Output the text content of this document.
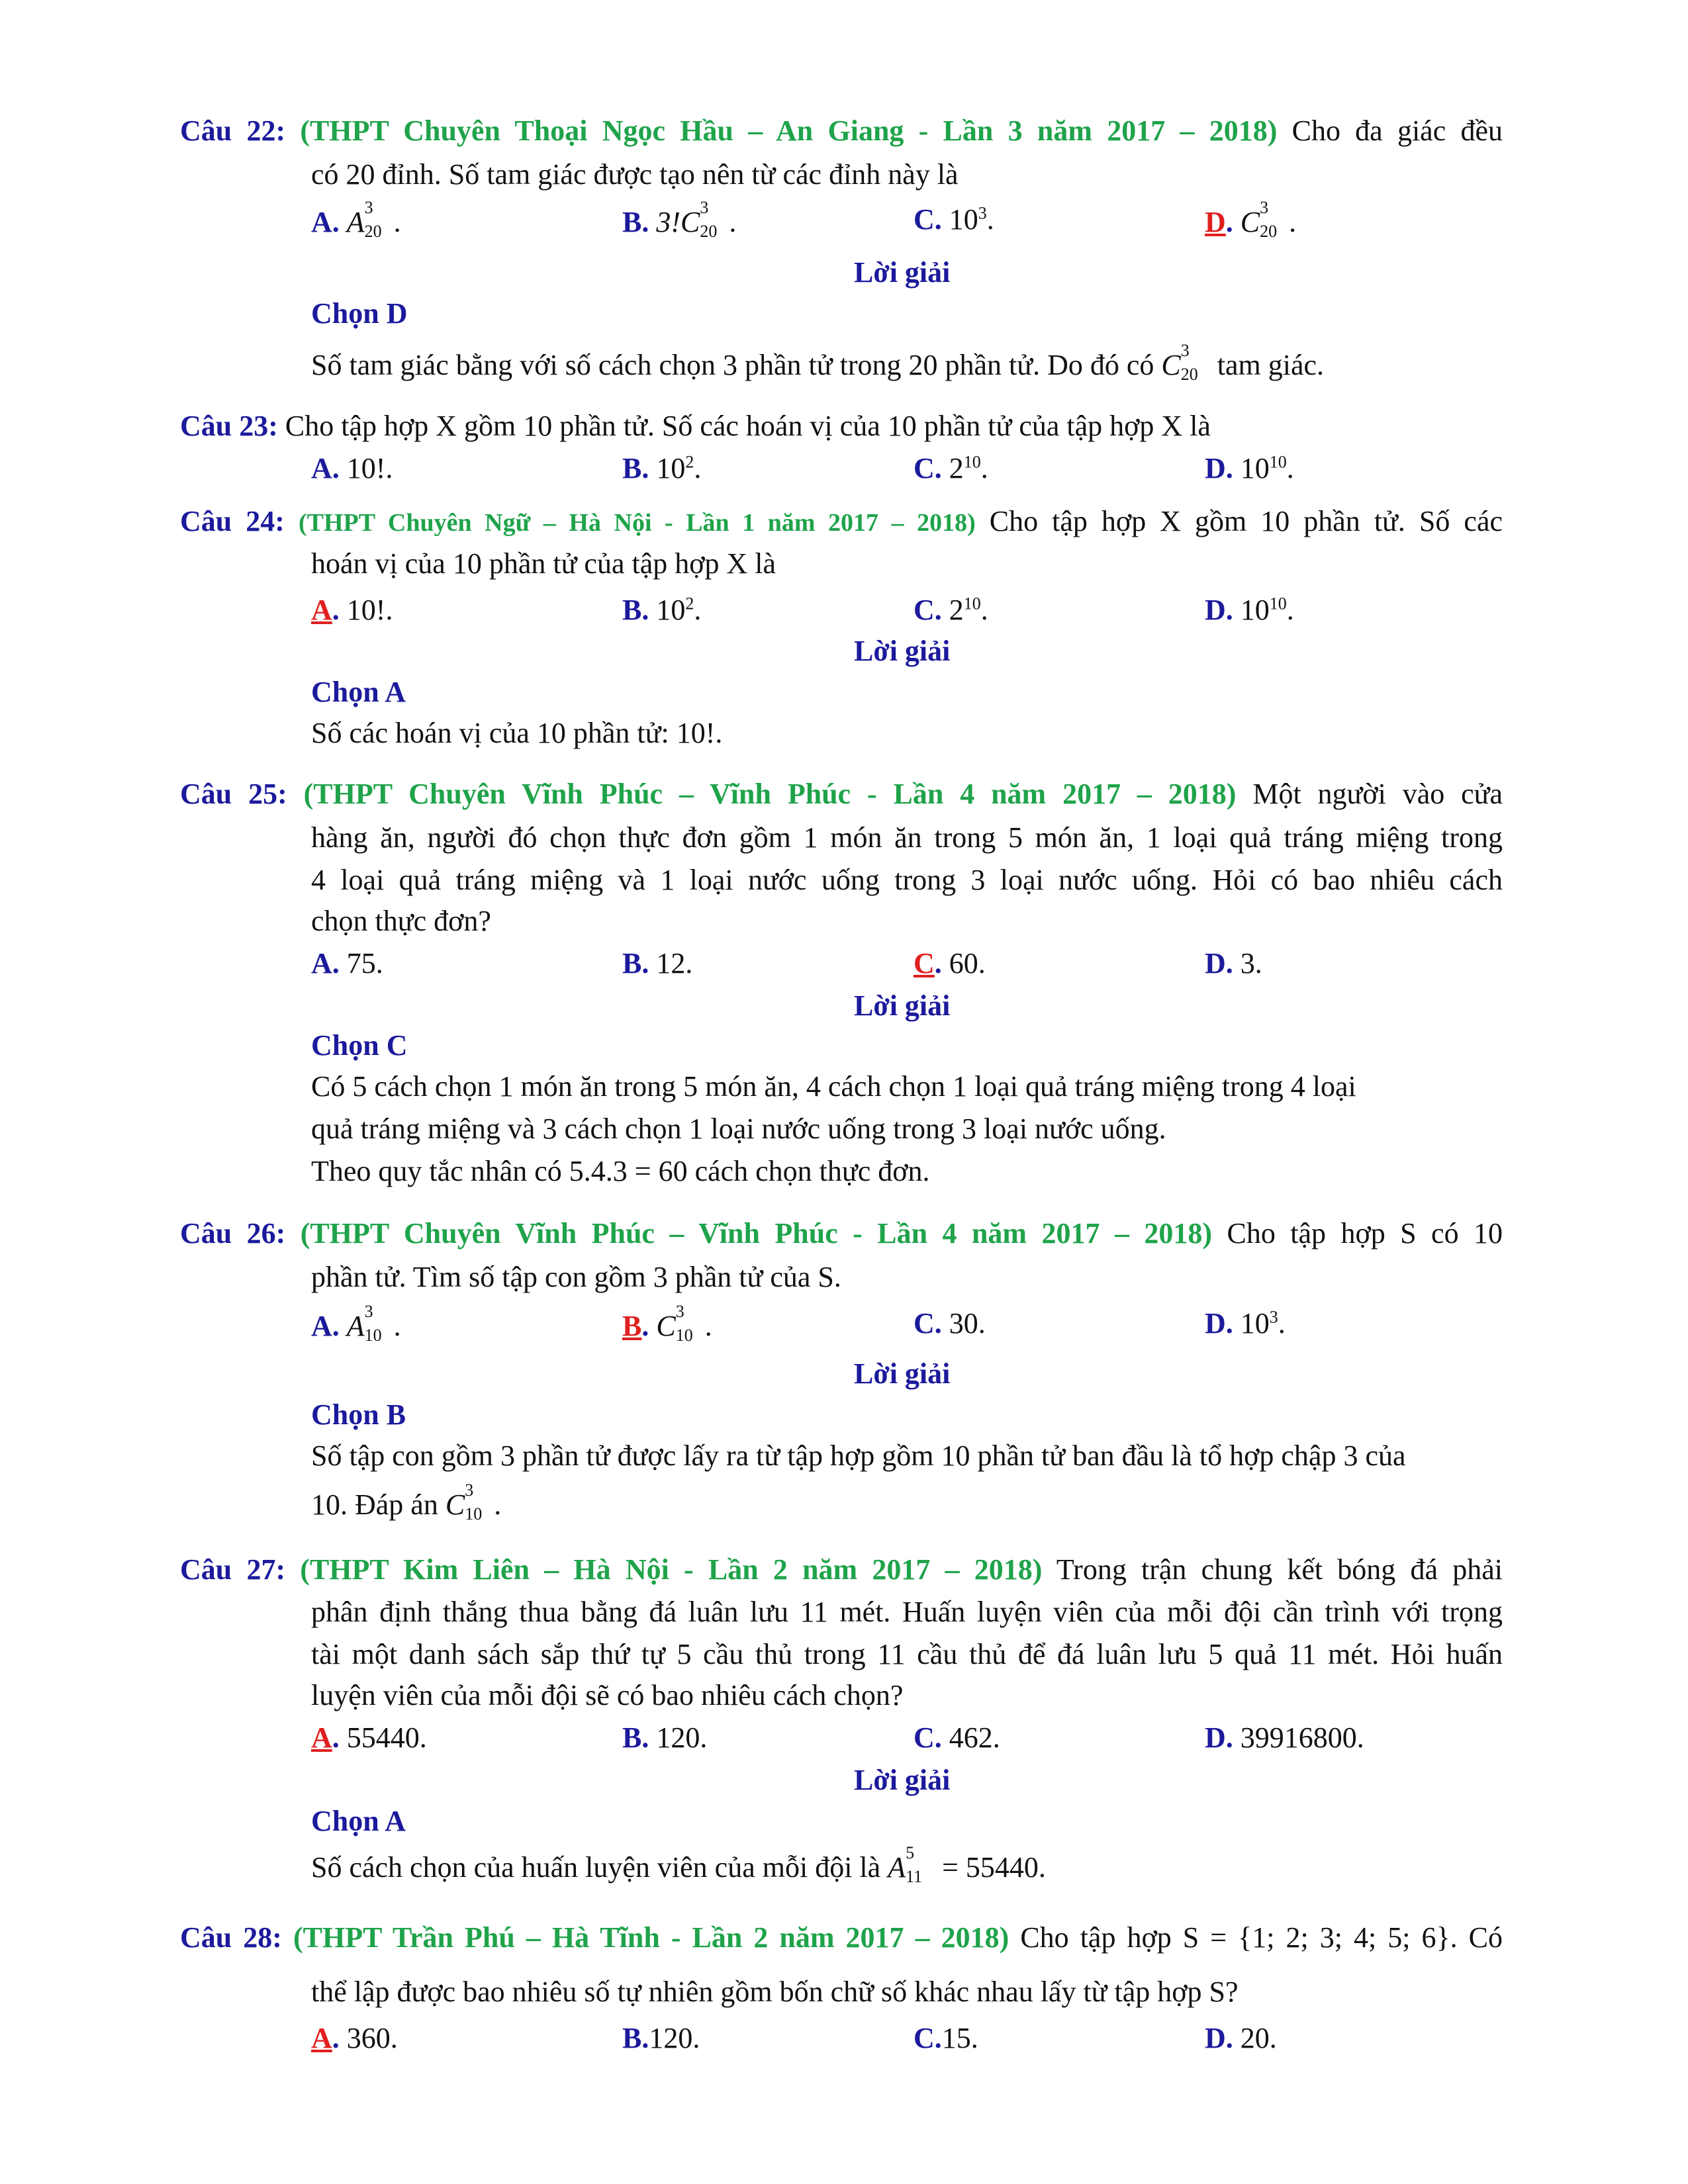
Câu 22: (THPT Chuyên Thoại Ngọc Hầu – An Giang - Lần 3 năm 2017 – 2018) Cho đa giác đều
có 20 đỉnh. Số tam giác được tạo nên từ các đỉnh này là
A. A 3
20 .	B. 3!C 3
20 .	C. $10^3$.	D. C 3
20 .
Lời giải
Chọn D
Số tam giác bằng với số cách chọn 3 phần tử trong 20 phần tử. Do đó có C 3
20 tam giác.
Câu 23: Cho tập hợp X gồm 10 phần tử. Số các hoán vị của 10 phần tử của tập hợp X là
A. 10!.	B. $10^2$.	C. $2^{10}$.	D. $10^{10}$.
Câu 24: (THPT Chuyên Ngữ – Hà Nội - Lần 1 năm 2017 – 2018) Cho tập hợp X gồm 10 phần tử. Số các
hoán vị của 10 phần tử của tập hợp X là
A. 10!.	B. $10^2$.	C. $2^{10}$.	D. $10^{10}$.
Lời giải
Chọn A
Số các hoán vị của 10 phần tử: 10!.
Câu 25: (THPT Chuyên Vĩnh Phúc – Vĩnh Phúc - Lần 4 năm 2017 – 2018) Một người vào cửa
hàng ăn, người đó chọn thực đơn gồm 1 món ăn trong 5 món ăn, 1 loại quả tráng miệng trong
4 loại quả tráng miệng và 1 loại nước uống trong 3 loại nước uống. Hỏi có bao nhiêu cách
chọn thực đơn?
A. 75.	B. 12.	C. 60.	D. 3.
Lời giải
Chọn C
Có 5 cách chọn 1 món ăn trong 5 món ăn, 4 cách chọn 1 loại quả tráng miệng trong 4 loại
quả tráng miệng và 3 cách chọn 1 loại nước uống trong 3 loại nước uống.
Theo quy tắc nhân có 5.4.3 = 60 cách chọn thực đơn.
Câu 26: (THPT Chuyên Vĩnh Phúc – Vĩnh Phúc - Lần 4 năm 2017 – 2018) Cho tập hợp S có 10
phần tử. Tìm số tập con gồm 3 phần tử của S.
A. A 3
10 .	B. C 3
10 .	C. 30.	D. $10^3$.
Lời giải
Chọn B
Số tập con gồm 3 phần tử được lấy ra từ tập hợp gồm 10 phần tử ban đầu là tổ hợp chập 3 của
10. Đáp án C 3
10 .
Câu 27: (THPT Kim Liên – Hà Nội - Lần 2 năm 2017 – 2018) Trong trận chung kết bóng đá phải
phân định thắng thua bằng đá luân lưu 11 mét. Huấn luyện viên của mỗi đội cần trình với trọng
tài một danh sách sắp thứ tự 5 cầu thủ trong 11 cầu thủ để đá luân lưu 5 quả 11 mét. Hỏi huấn
luyện viên của mỗi đội sẽ có bao nhiêu cách chọn?
A. 55440.	B. 120.	C. 462.	D. 39916800.
Lời giải
Chọn A
Số cách chọn của huấn luyện viên của mỗi đội là A 5
11 = 55440.
Câu 28: (THPT Trần Phú – Hà Tĩnh - Lần 2 năm 2017 – 2018) Cho tập hợp S = {1; 2; 3; 4; 5; 6}. Có
thể lập được bao nhiêu số tự nhiên gồm bốn chữ số khác nhau lấy từ tập hợp S?
A. 360.	B.120.	C.15.	D. 20.
